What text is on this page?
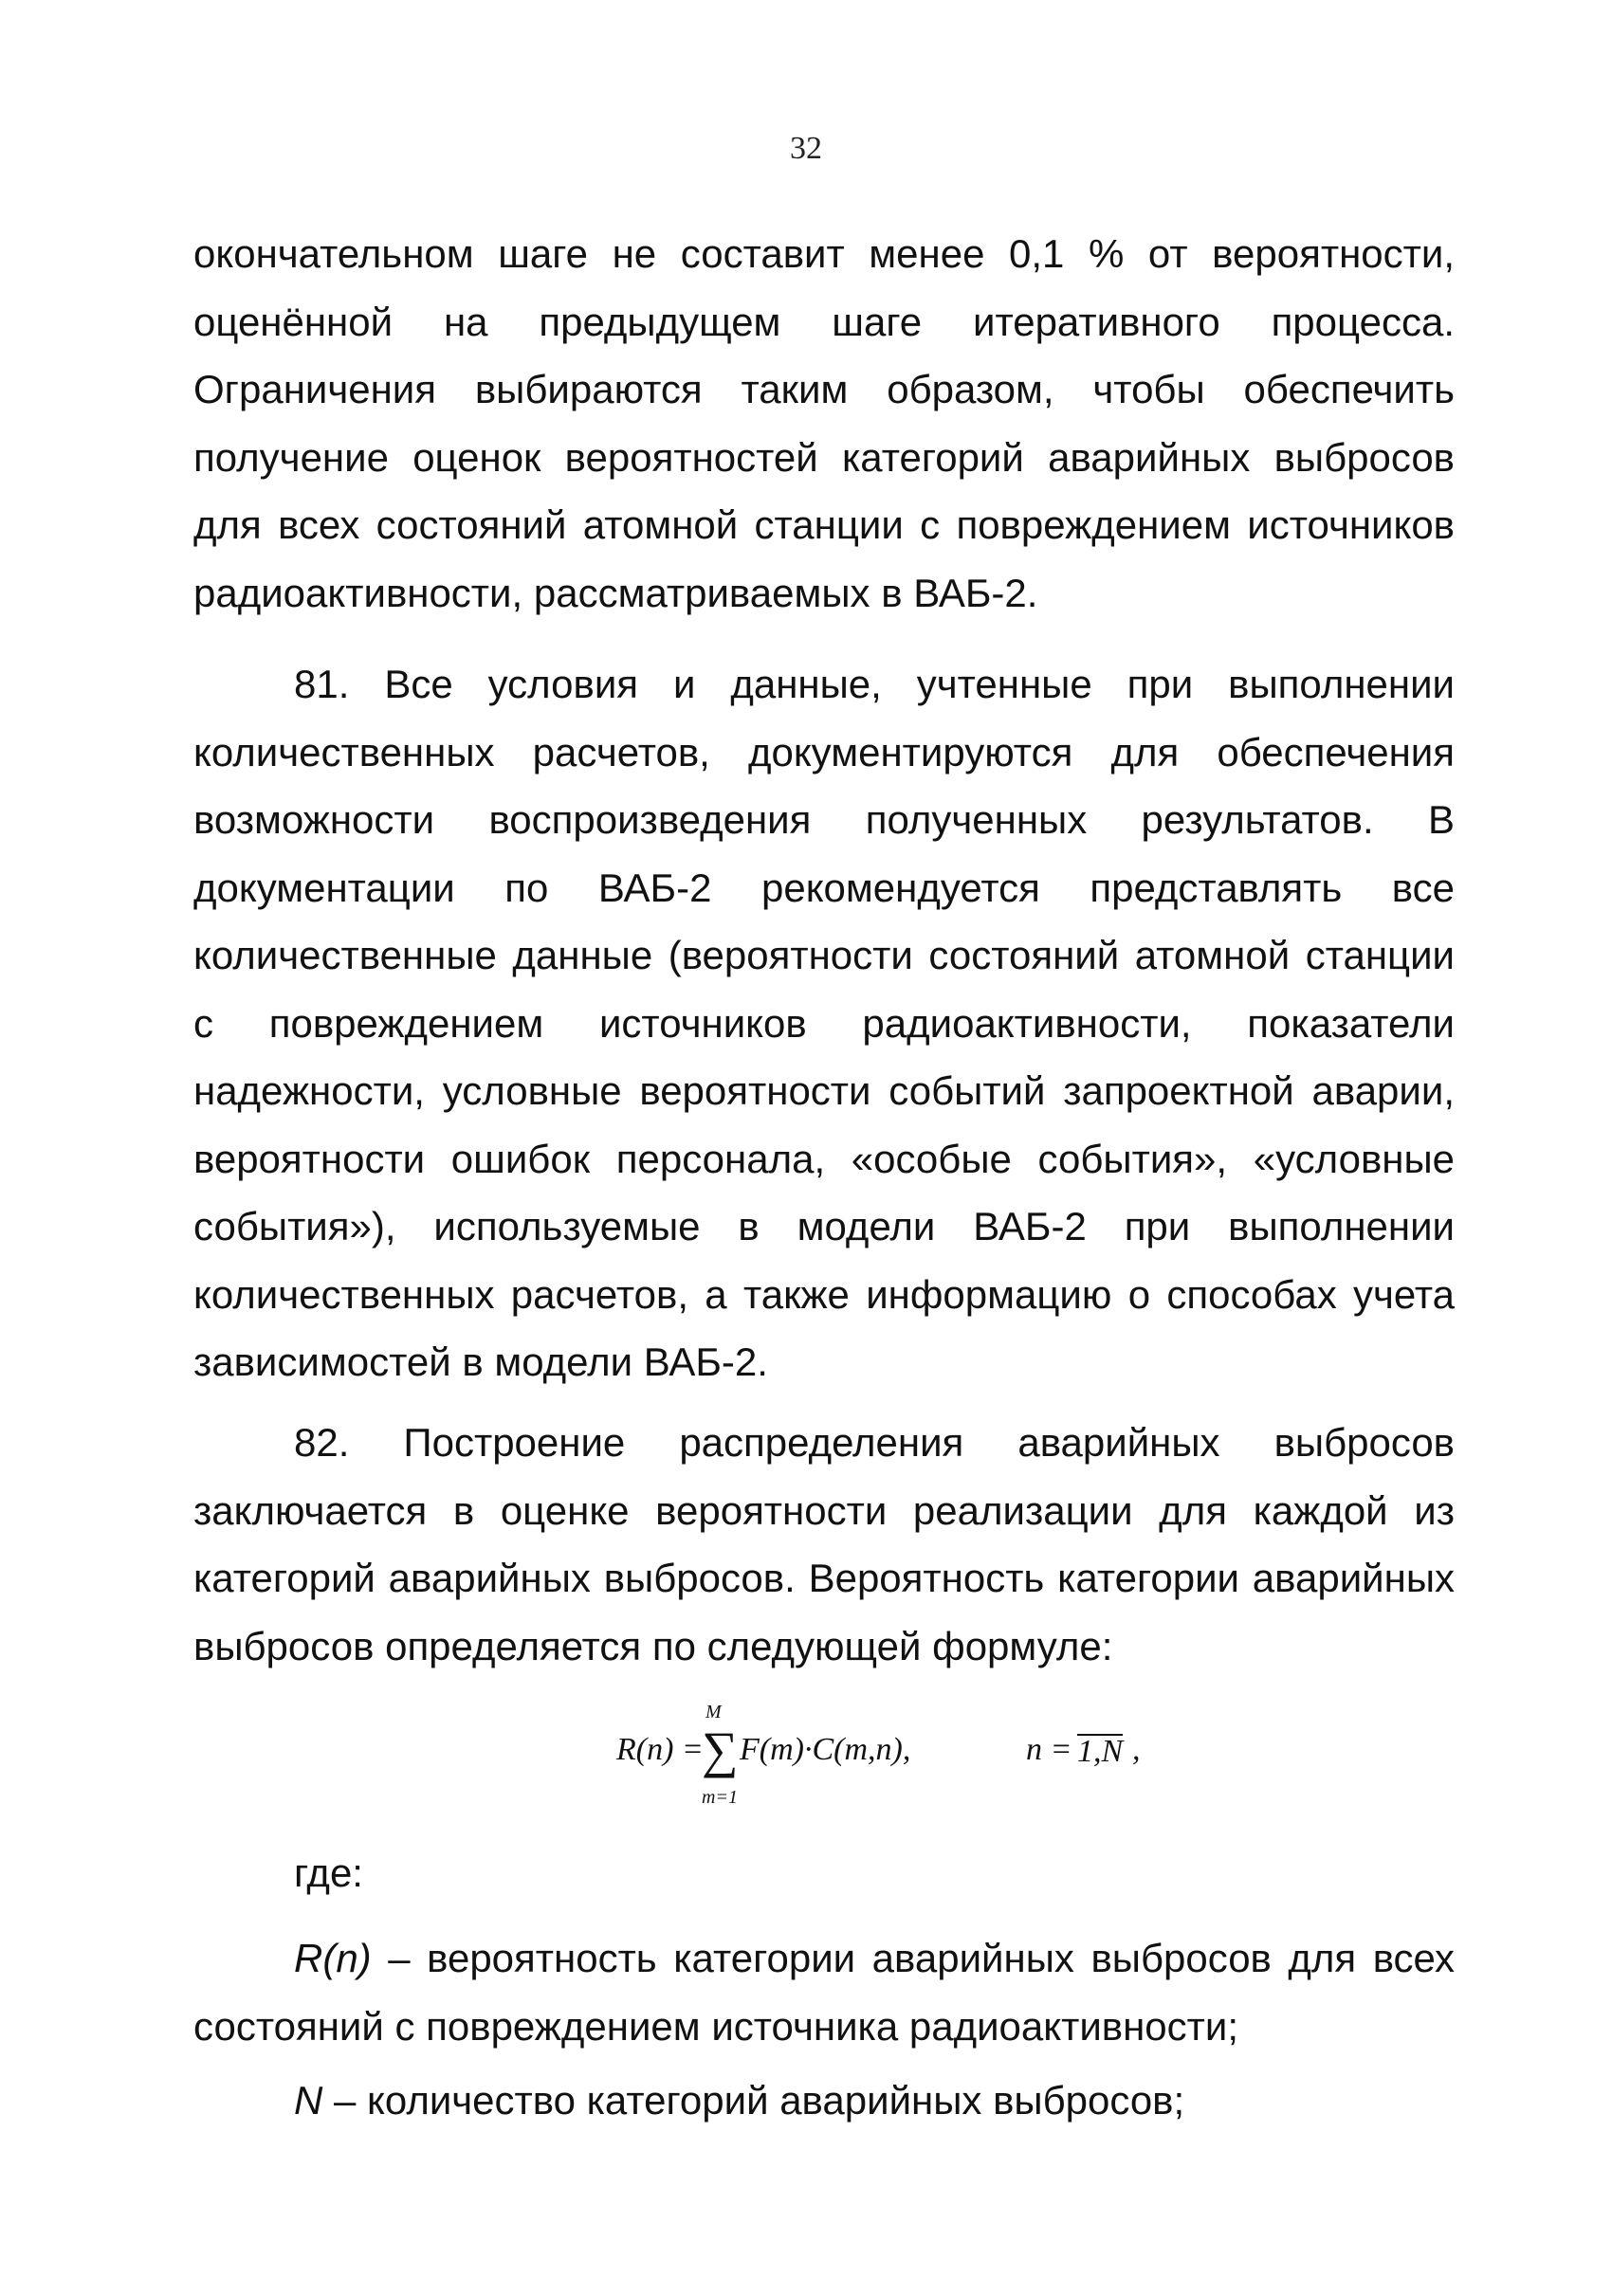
32

окончательном шаге не составит менее 0,1 % от вероятности, оценённой на предыдущем шаге итеративного процесса. Ограничения выбираются таким образом, чтобы обеспечить получение оценок вероятностей категорий аварийных выбросов для всех состояний атомной станции с повреждением источников радиоактивности, рассматриваемых в ВАБ-2.

81. Все условия и данные, учтенные при выполнении количественных расчетов, документируются для обеспечения возможности воспроизведения полученных результатов. В документации по ВАБ-2 рекомендуется представлять все количественные данные (вероятности состояний атомной станции с повреждением источников радиоактивности, показатели надежности, условные вероятности событий запроектной аварии, вероятности ошибок персонала, «особые события», «условные события»), используемые в модели ВАБ-2 при выполнении количественных расчетов, а также информацию о способах учета зависимостей в модели ВАБ-2.

82. Построение распределения аварийных выбросов заключается в оценке вероятности реализации для каждой из категорий аварийных выбросов. Вероятность категории аварийных выбросов определяется по следующей формуле:

R(n) =
M
∑
m=1
F(m)·C(m,n),	n = 1,N ,
где:

R(n) – вероятность категории аварийных выбросов для всех состояний с повреждением источника радиоактивности;

N – количество категорий аварийных выбросов;
